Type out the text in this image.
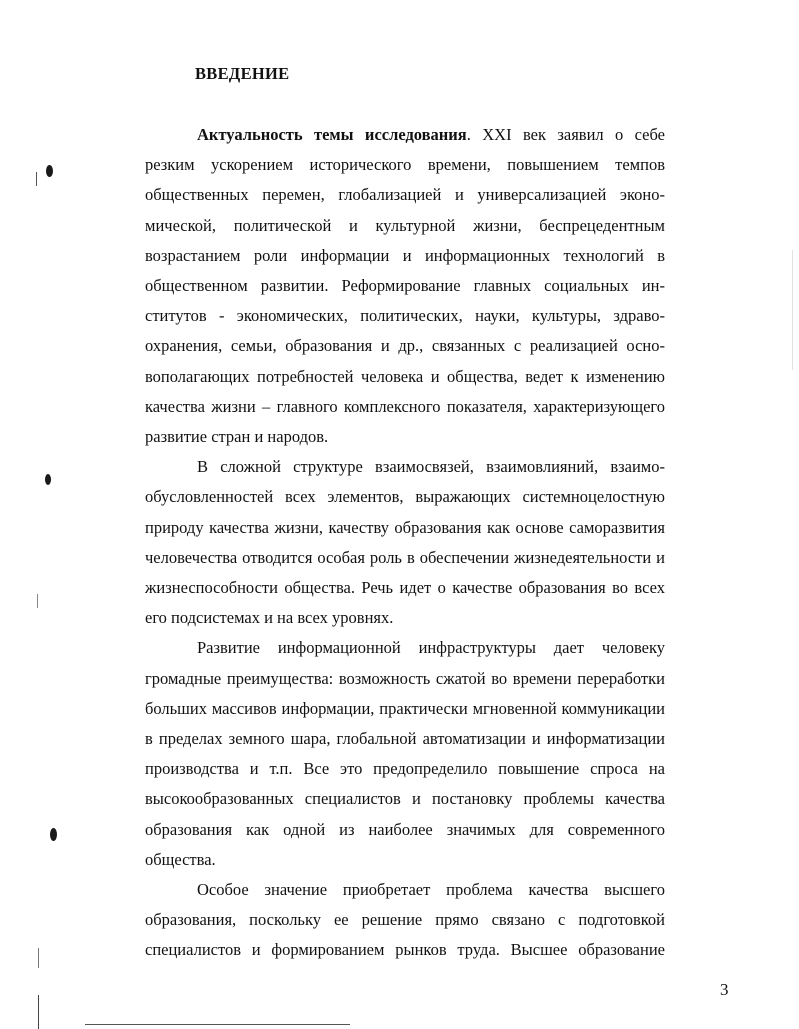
ВВЕДЕНИЕ

Актуальность темы исследования. XXI век заявил о себе резким ускорением исторического времени, повышением темпов общественных перемен, глобализацией и универсализацией экономической, политической и культурной жизни, беспрецедентным возрастанием роли информации и информационных технологий в общественном развитии. Реформирование главных социальных институтов - экономических, политических, науки, культуры, здравоохранения, семьи, образования и др., связанных с реализацией основополагающих потребностей человека и общества, ведет к изменению качества жизни – главного комплексного показателя, характеризующего развитие стран и народов.

В сложной структуре взаимосвязей, взаимовлияний, взаимообусловленностей всех элементов, выражающих системноцелостную природу качества жизни, качеству образования как основе саморазвития человечества отводится особая роль в обеспечении жизнедеятельности и жизнеспособности общества. Речь идет о качестве образования во всех его подсистемах и на всех уровнях.

Развитие информационной инфраструктуры дает человеку громадные преимущества: возможность сжатой во времени переработки больших массивов информации, практически мгновенной коммуникации в пределах земного шара, глобальной автоматизации и информатизации производства и т.п. Все это предопределило повышение спроса на высокообразованных специалистов и постановку проблемы качества образования как одной из наиболее значимых для современного общества.

Особое значение приобретает проблема качества высшего образования, поскольку ее решение прямо связано с подготовкой специалистов и формированием рынков труда. Высшее образование

3
